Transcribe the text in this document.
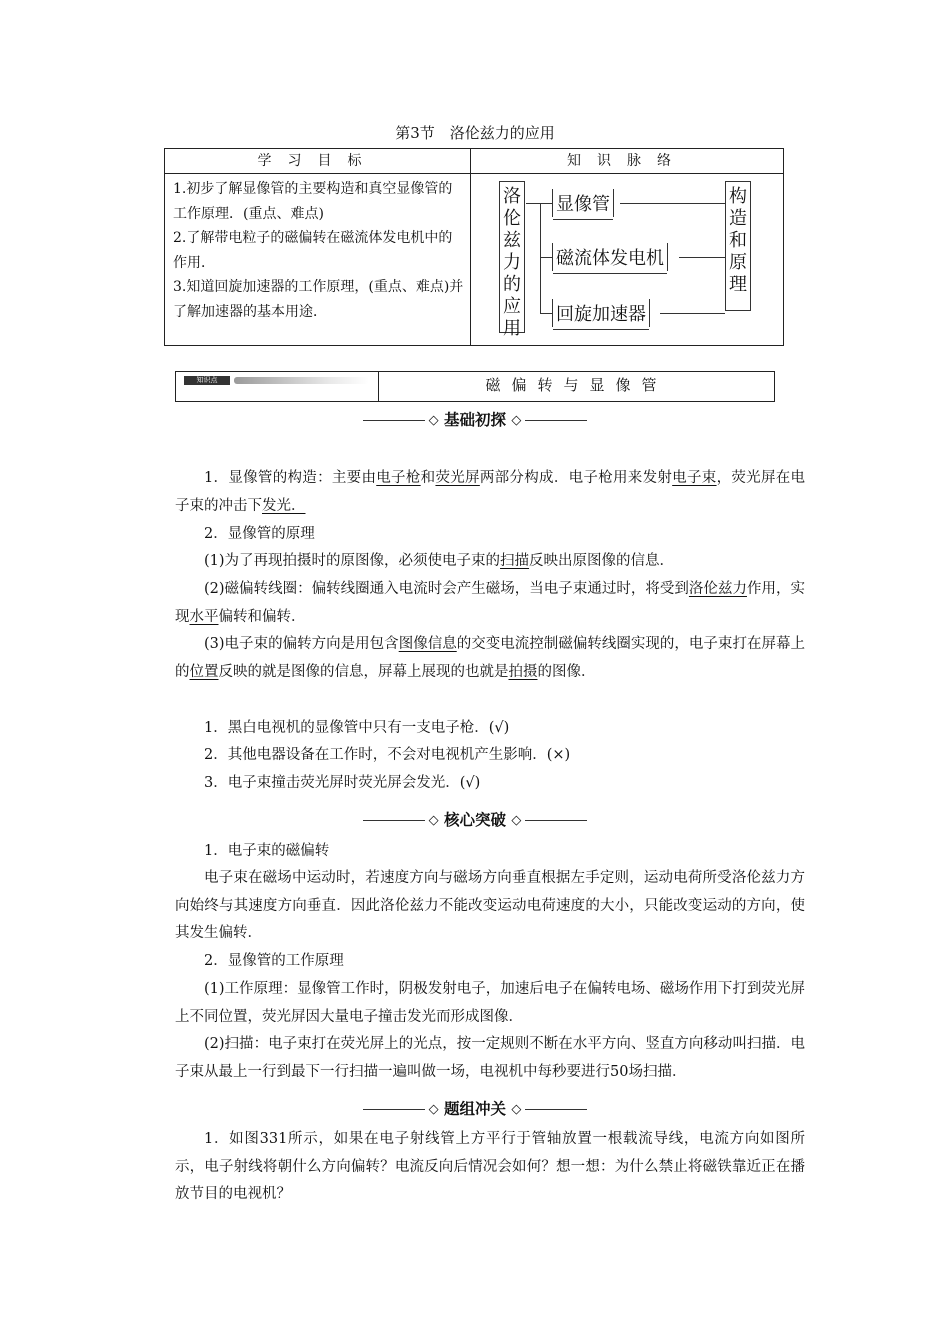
第3节　洛伦兹力的应用
学习目标	知识脉络
1.初步了解显像管的主要构造和真空显像管的工作原理．(重点、难点)
2.了解带电粒子的磁偏转在磁流体发电机中的作用．
3.知道回旋加速器的工作原理，(重点、难点)并了解加速器的基本用途．
洛伦兹力的应用
显像管
磁流体发电机
回旋加速器
构造和原理
知识点	磁偏转与显像管
◇ 基础初探 ◇
1．显像管的构造：主要由电子枪和荧光屏两部分构成．电子枪用来发射电子束，荧光屏在电子束的冲击下发光．
2．显像管的原理
(1)为了再现拍摄时的原图像，必须使电子束的扫描反映出原图像的信息．
(2)磁偏转线圈：偏转线圈通入电流时会产生磁场，当电子束通过时，将受到洛伦兹力作用，实现水平偏转和偏转．
(3)电子束的偏转方向是用包含图像信息的交变电流控制磁偏转线圈实现的，电子束打在屏幕上的位置反映的就是图像的信息，屏幕上展现的也就是拍摄的图像．
1．黑白电视机的显像管中只有一支电子枪．(√)
2．其他电器设备在工作时，不会对电视机产生影响．(×)
3．电子束撞击荧光屏时荧光屏会发光．(√)
◇ 核心突破 ◇
1．电子束的磁偏转
电子束在磁场中运动时，若速度方向与磁场方向垂直根据左手定则，运动电荷所受洛伦兹力方向始终与其速度方向垂直．因此洛伦兹力不能改变运动电荷速度的大小，只能改变运动的方向，使其发生偏转．
2．显像管的工作原理
(1)工作原理：显像管工作时，阴极发射电子，加速后电子在偏转电场、磁场作用下打到荧光屏上不同位置，荧光屏因大量电子撞击发光而形成图像．
(2)扫描：电子束打在荧光屏上的光点，按一定规则不断在水平方向、竖直方向移动叫扫描．电子束从最上一行到最下一行扫描一遍叫做一场，电视机中每秒要进行50场扫描．
◇ 题组冲关 ◇
1．如图331所示，如果在电子射线管上方平行于管轴放置一根载流导线，电流方向如图所示，电子射线将朝什么方向偏转？电流反向后情况会如何？想一想：为什么禁止将磁铁靠近正在播放节目的电视机？
